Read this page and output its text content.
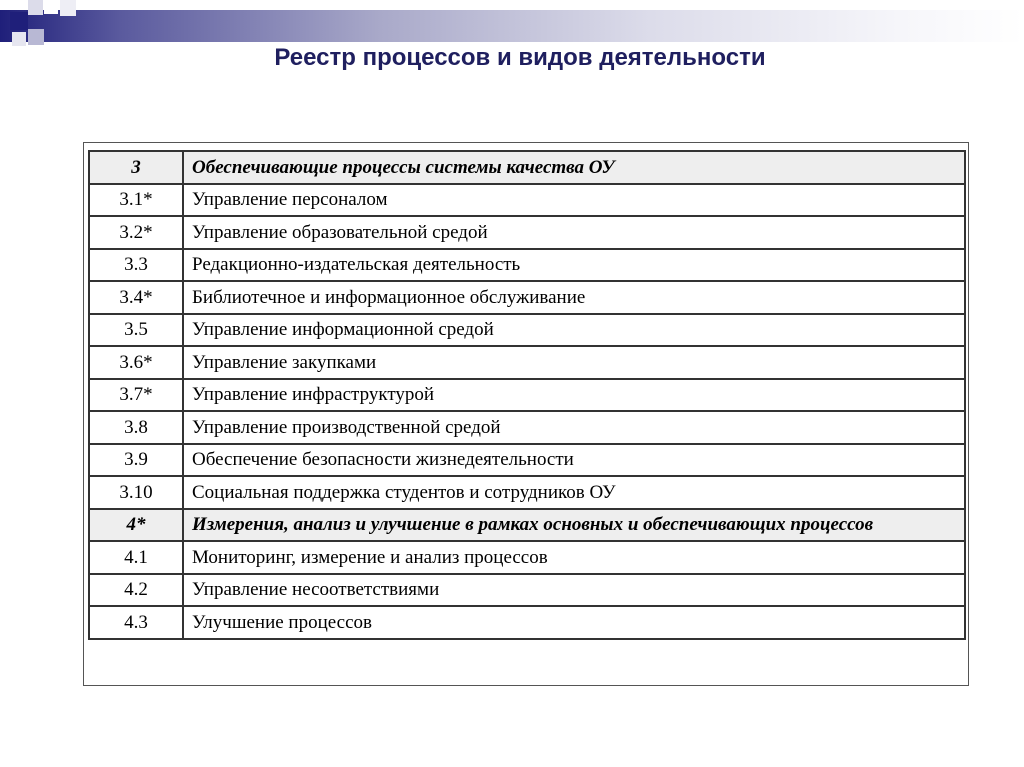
Реестр процессов и видов деятельности
3	Обеспечивающие процессы системы качества ОУ
3.1*	Управление персоналом
3.2*	Управление образовательной средой
3.3	Редакционно-издательская деятельность
3.4*	Библиотечное и информационное обслуживание
3.5	Управление информационной средой
3.6*	Управление закупками
3.7*	Управление инфраструктурой
3.8	Управление производственной средой
3.9	Обеспечение безопасности жизнедеятельности
3.10	Социальная поддержка студентов и сотрудников ОУ
4*	Измерения, анализ и улучшение в рамках основных и обеспечивающих процессов
4.1	Мониторинг, измерение и анализ процессов
4.2	Управление несоответствиями
4.3	Улучшение процессов
